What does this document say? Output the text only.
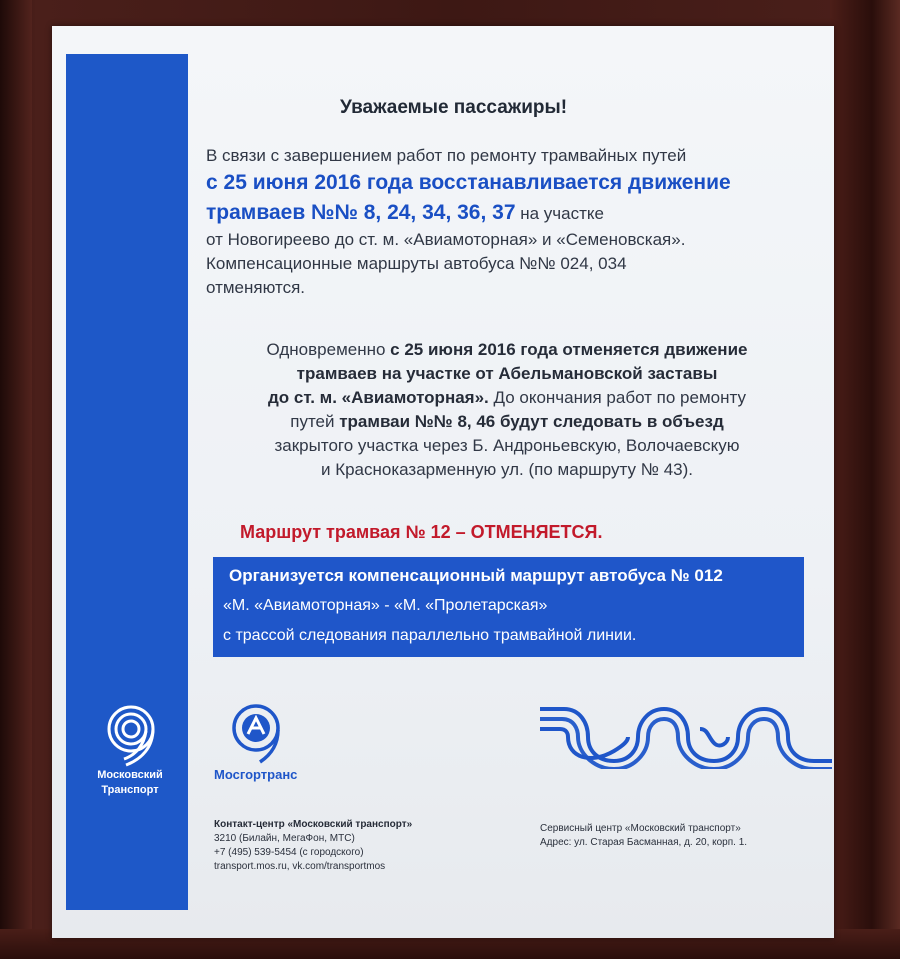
Уважаемые пассажиры!
В связи с завершением работ по ремонту трамвайных путей
с 25 июня 2016 года восстанавливается движение
трамваев №№ 8, 24, 34, 36, 37 на участке
от Новогиреево до ст. м. «Авиамоторная» и «Семеновская».
Компенсационные маршруты автобуса №№ 024, 034
отменяются.
Одновременно с 25 июня 2016 года отменяется движение
трамваев на участке от Абельмановской заставы
до ст. м. «Авиамоторная». До окончания работ по ремонту
путей трамваи №№ 8, 46 будут следовать в объезд
закрытого участка через Б. Андроньевскую, Волочаевскую
и Красноказарменную ул. (по маршруту № 43).
Маршрут трамвая № 12 – ОТМЕНЯЕТСЯ.
Организуется компенсационный маршрут автобуса № 012
«М. «Авиамоторная» - «М. «Пролетарская»
с трассой следования параллельно трамвайной линии.
Московский
Транспорт
Мосгортранс
Контакт-центр «Московский транспорт»
3210 (Билайн, МегаФон, МТС)
+7 (495) 539-5454 (с городского)
transport.mos.ru, vk.com/transportmos
Сервисный центр «Московский транспорт»
Адрес: ул. Старая Басманная, д. 20, корп. 1.
